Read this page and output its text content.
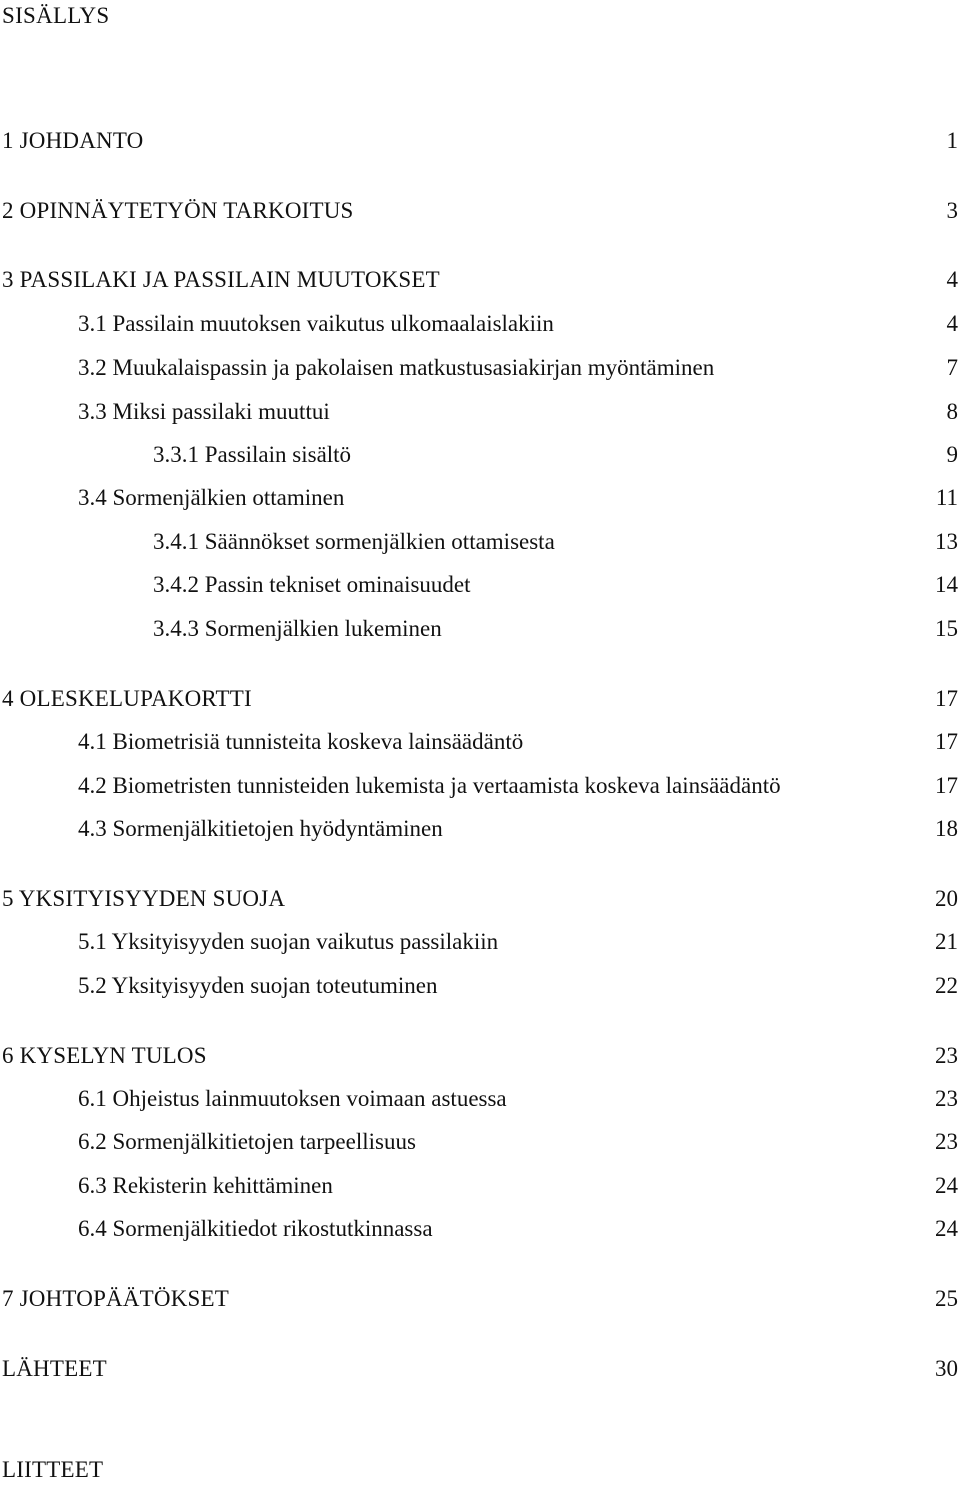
SISÄLLYS
1 JOHDANTO	1
2 OPINNÄYTETYÖN TARKOITUS	3
3 PASSILAKI JA PASSILAIN MUUTOKSET	4
3.1 Passilain muutoksen vaikutus ulkomaalaislakiin	4
3.2 Muukalaispassin ja pakolaisen matkustusasiakirjan myöntäminen	7
3.3 Miksi passilaki muuttui	8
3.3.1 Passilain sisältö	9
3.4 Sormenjälkien ottaminen	11
3.4.1 Säännökset sormenjälkien ottamisesta	13
3.4.2 Passin tekniset ominaisuudet	14
3.4.3 Sormenjälkien lukeminen	15
4 OLESKELUPAKORTTI	17
4.1 Biometrisiä tunnisteita koskeva lainsäädäntö	17
4.2 Biometristen tunnisteiden lukemista ja vertaamista koskeva lainsäädäntö	17
4.3 Sormenjälkitietojen hyödyntäminen	18
5 YKSITYISYYDEN SUOJA	20
5.1 Yksityisyyden suojan vaikutus passilakiin	21
5.2 Yksityisyyden suojan toteutuminen	22
6 KYSELYN TULOS	23
6.1 Ohjeistus lainmuutoksen voimaan astuessa	23
6.2 Sormenjälkitietojen tarpeellisuus	23
6.3 Rekisterin kehittäminen	24
6.4 Sormenjälkitiedot rikostutkinnassa	24
7 JOHTOPÄÄTÖKSET	25
LÄHTEET	30
LIITTEET
